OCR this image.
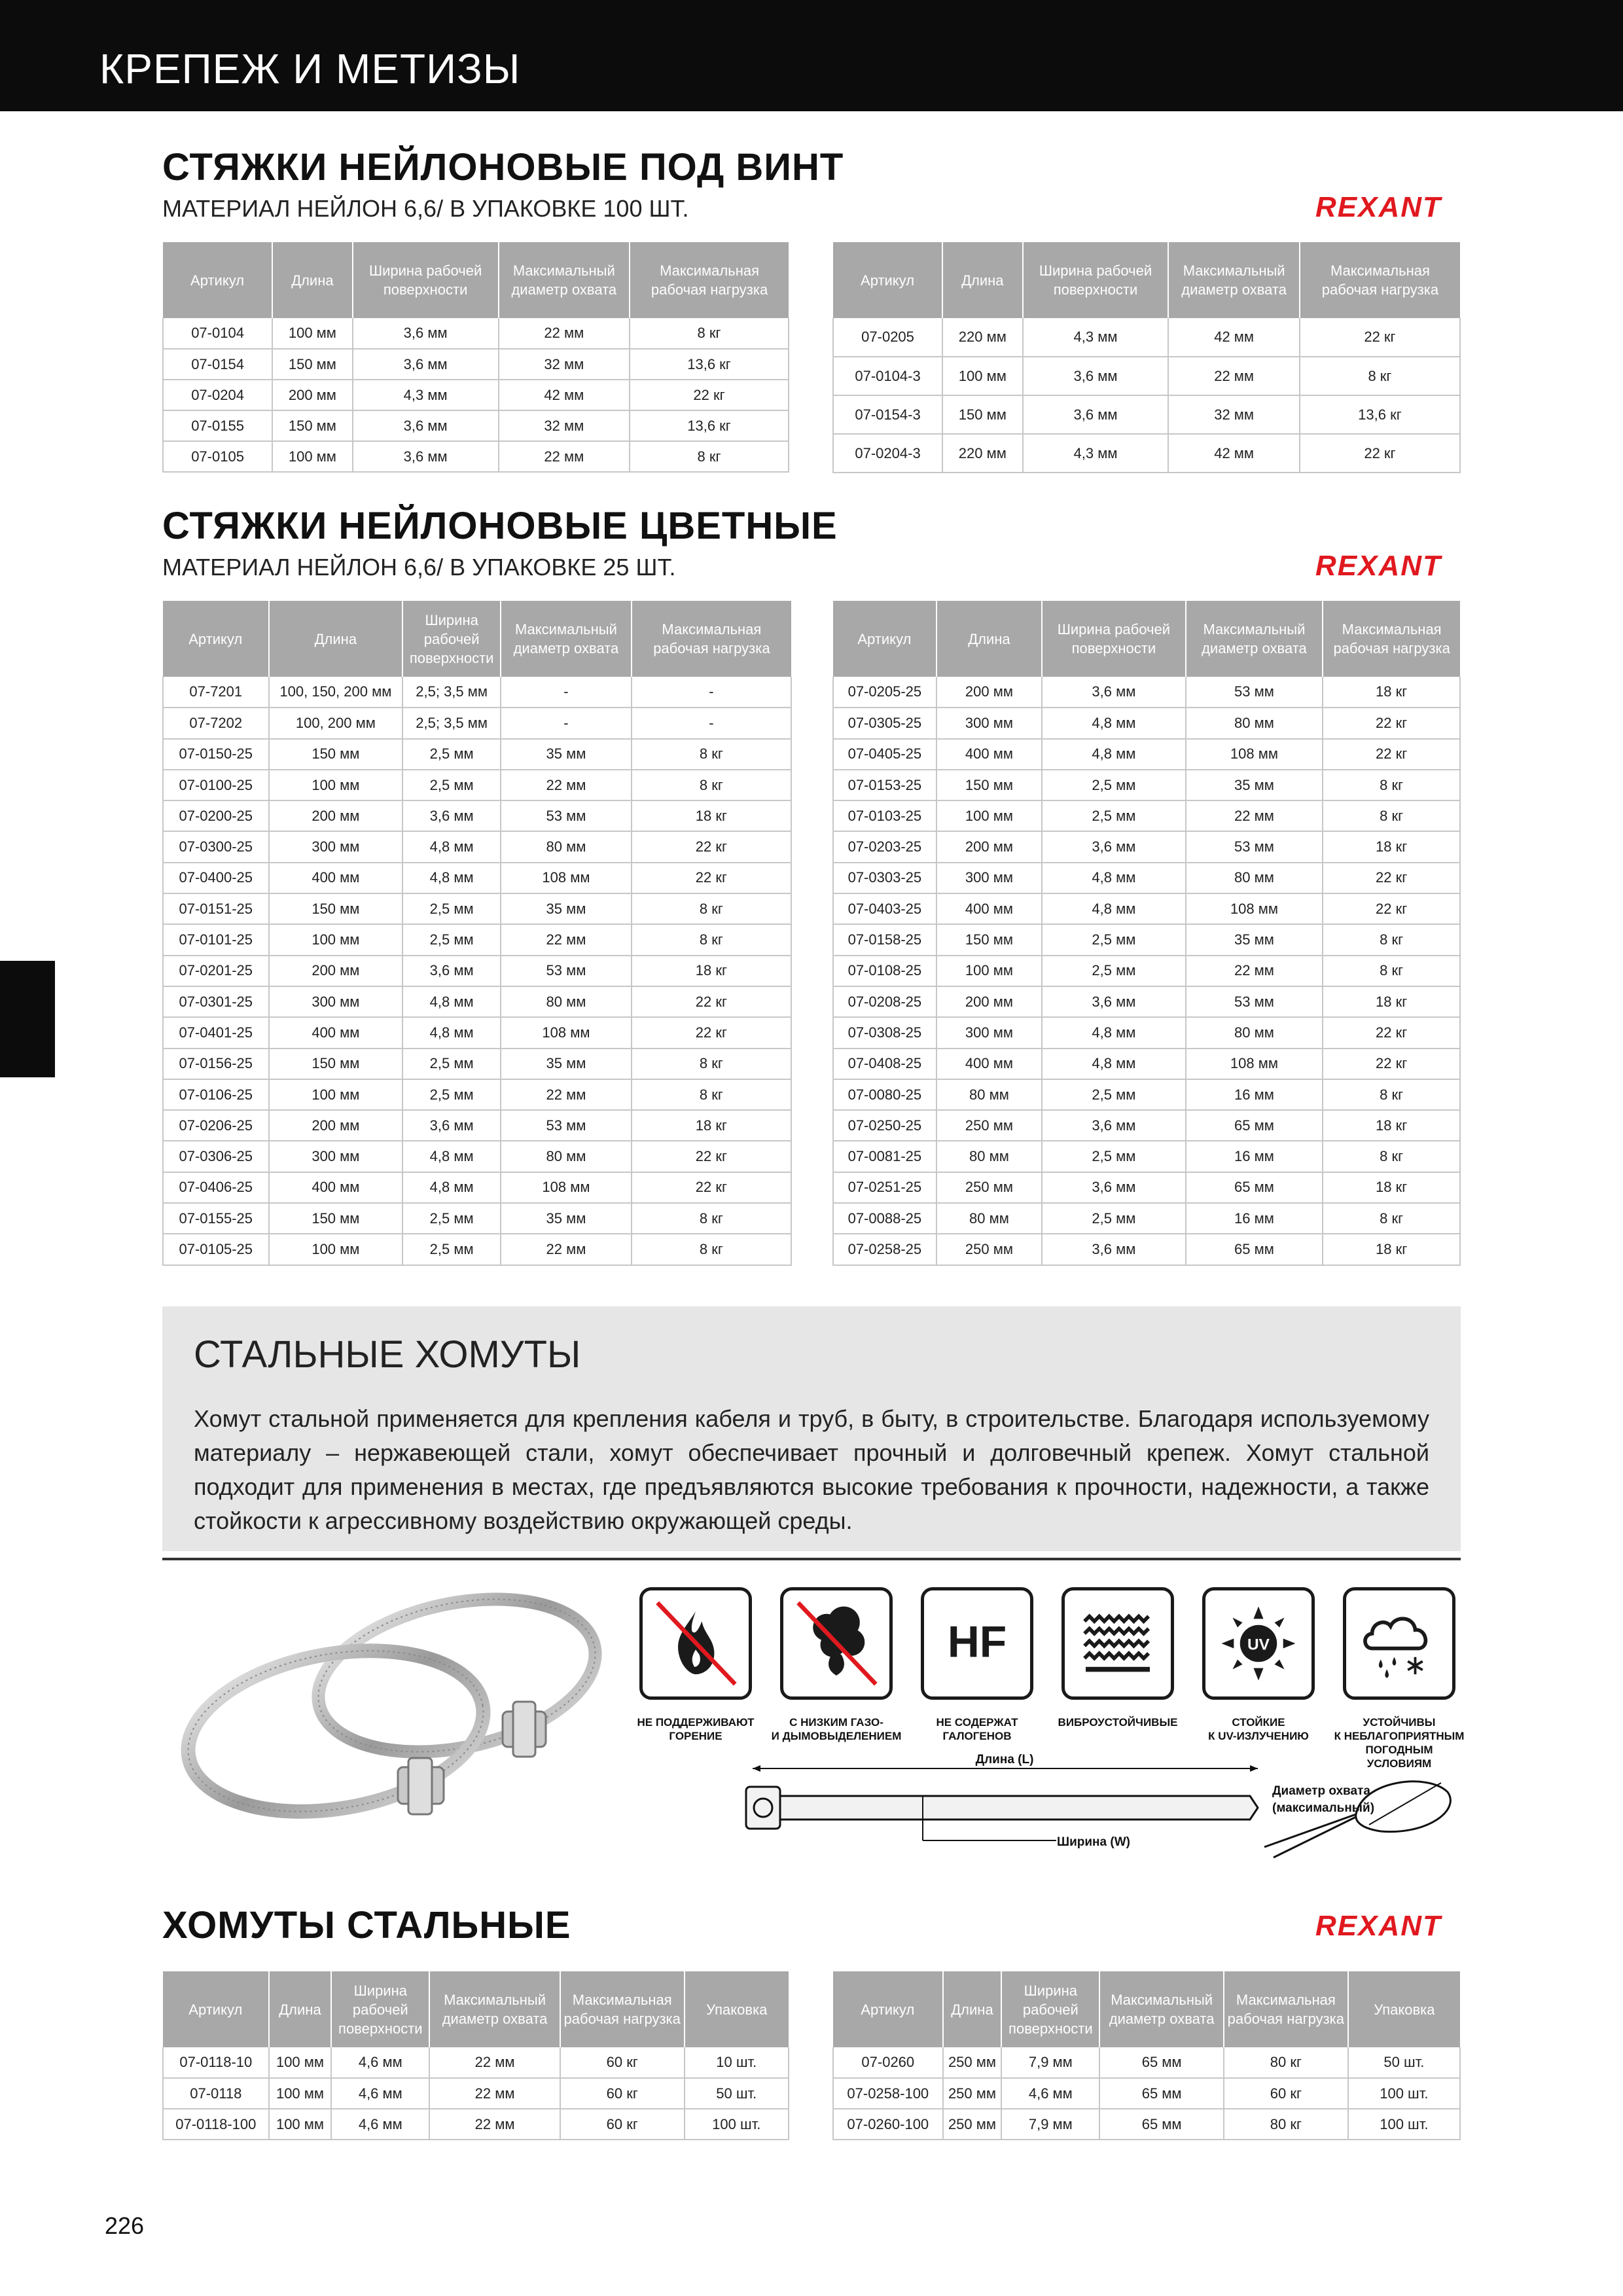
КРЕПЕЖ И МЕТИЗЫ
СТЯЖКИ НЕЙЛОНОВЫЕ ПОД ВИНТ
МАТЕРИАЛ НЕЙЛОН 6,6/ В УПАКОВКЕ 100 ШТ.	REXANT
Артикул	Длина	Ширина рабочей поверхности	Максимальный диаметр охвата	Максимальная рабочая нагрузка
07-0104	100 мм	3,6 мм	22 мм	8 кг
07-0154	150 мм	3,6 мм	32 мм	13,6 кг
07-0204	200 мм	4,3 мм	42 мм	22 кг
07-0155	150 мм	3,6 мм	32 мм	13,6 кг
07-0105	100 мм	3,6 мм	22 мм	8 кг
Артикул	Длина	Ширина рабочей поверхности	Максимальный диаметр охвата	Максимальная рабочая нагрузка
07-0205	220 мм	4,3 мм	42 мм	22 кг
07-0104-3	100 мм	3,6 мм	22 мм	8 кг
07-0154-3	150 мм	3,6 мм	32 мм	13,6 кг
07-0204-3	220 мм	4,3 мм	42 мм	22 кг
СТЯЖКИ НЕЙЛОНОВЫЕ ЦВЕТНЫЕ
МАТЕРИАЛ НЕЙЛОН 6,6/ В УПАКОВКЕ 25 ШТ.	REXANT
Артикул	Длина	Ширина рабочей поверхности	Максимальный диаметр охвата	Максимальная рабочая нагрузка
07-7201	100, 150, 200 мм	2,5; 3,5 мм	-	-
07-7202	100, 200 мм	2,5; 3,5 мм	-	-
07-0150-25	150 мм	2,5 мм	35 мм	8 кг
07-0100-25	100 мм	2,5 мм	22 мм	8 кг
07-0200-25	200 мм	3,6 мм	53 мм	18 кг
07-0300-25	300 мм	4,8 мм	80 мм	22 кг
07-0400-25	400 мм	4,8 мм	108 мм	22 кг
07-0151-25	150 мм	2,5 мм	35 мм	8 кг
07-0101-25	100 мм	2,5 мм	22 мм	8 кг
07-0201-25	200 мм	3,6 мм	53 мм	18 кг
07-0301-25	300 мм	4,8 мм	80 мм	22 кг
07-0401-25	400 мм	4,8 мм	108 мм	22 кг
07-0156-25	150 мм	2,5 мм	35 мм	8 кг
07-0106-25	100 мм	2,5 мм	22 мм	8 кг
07-0206-25	200 мм	3,6 мм	53 мм	18 кг
07-0306-25	300 мм	4,8 мм	80 мм	22 кг
07-0406-25	400 мм	4,8 мм	108 мм	22 кг
07-0155-25	150 мм	2,5 мм	35 мм	8 кг
07-0105-25	100 мм	2,5 мм	22 мм	8 кг
Артикул	Длина	Ширина рабочей поверхности	Максимальный диаметр охвата	Максимальная рабочая нагрузка
07-0205-25	200 мм	3,6 мм	53 мм	18 кг
07-0305-25	300 мм	4,8 мм	80 мм	22 кг
07-0405-25	400 мм	4,8 мм	108 мм	22 кг
07-0153-25	150 мм	2,5 мм	35 мм	8 кг
07-0103-25	100 мм	2,5 мм	22 мм	8 кг
07-0203-25	200 мм	3,6 мм	53 мм	18 кг
07-0303-25	300 мм	4,8 мм	80 мм	22 кг
07-0403-25	400 мм	4,8 мм	108 мм	22 кг
07-0158-25	150 мм	2,5 мм	35 мм	8 кг
07-0108-25	100 мм	2,5 мм	22 мм	8 кг
07-0208-25	200 мм	3,6 мм	53 мм	18 кг
07-0308-25	300 мм	4,8 мм	80 мм	22 кг
07-0408-25	400 мм	4,8 мм	108 мм	22 кг
07-0080-25	80 мм	2,5 мм	16 мм	8 кг
07-0250-25	250 мм	3,6 мм	65 мм	18 кг
07-0081-25	80 мм	2,5 мм	16 мм	8 кг
07-0251-25	250 мм	3,6 мм	65 мм	18 кг
07-0088-25	80 мм	2,5 мм	16 мм	8 кг
07-0258-25	250 мм	3,6 мм	65 мм	18 кг
СТАЛЬНЫЕ ХОМУТЫ

Хомут стальной применяется для крепления кабеля и труб, в быту, в строительстве. Благодаря используемому материалу – нержавеющей стали, хомут обеспечивает прочный и долговечный крепеж. Хомут стальной подходит для применения в местах, где предъявляются высокие требования к прочности, надежности, а также стойкости к агрессивному воздействию окружающей среды.

НЕ ПОДДЕРЖИВАЮТ
ГОРЕНИЕ
С НИЗКИМ ГАЗО-
И ДЫМОВЫДЕЛЕНИЕМ
HF
НЕ СОДЕРЖАТ
ГАЛОГЕНОВ
ВИБРОУСТОЙЧИВЫЕ
UV
СТОЙКИЕ
К UV-ИЗЛУЧЕНИЮ
УСТОЙЧИВЫ
К НЕБЛАГОПРИЯТНЫМ
ПОГОДНЫМ УСЛОВИЯМ
Длина (L)
Ширина (W)
Диаметр охвата
(максимальный)
ХОМУТЫ СТАЛЬНЫЕ	REXANT
Артикул	Длина	Ширина рабочей поверхности	Максимальный диаметр охвата	Максимальная рабочая нагрузка	Упаковка
07-0118-10	100 мм	4,6 мм	22 мм	60 кг	10 шт.
07-0118	100 мм	4,6 мм	22 мм	60 кг	50 шт.
07-0118-100	100 мм	4,6 мм	22 мм	60 кг	100 шт.
Артикул	Длина	Ширина рабочей поверхности	Максимальный диаметр охвата	Максимальная рабочая нагрузка	Упаковка
07-0260	250 мм	7,9 мм	65 мм	80 кг	50 шт.
07-0258-100	250 мм	4,6 мм	65 мм	60 кг	100 шт.
07-0260-100	250 мм	7,9 мм	65 мм	80 кг	100 шт.
226
